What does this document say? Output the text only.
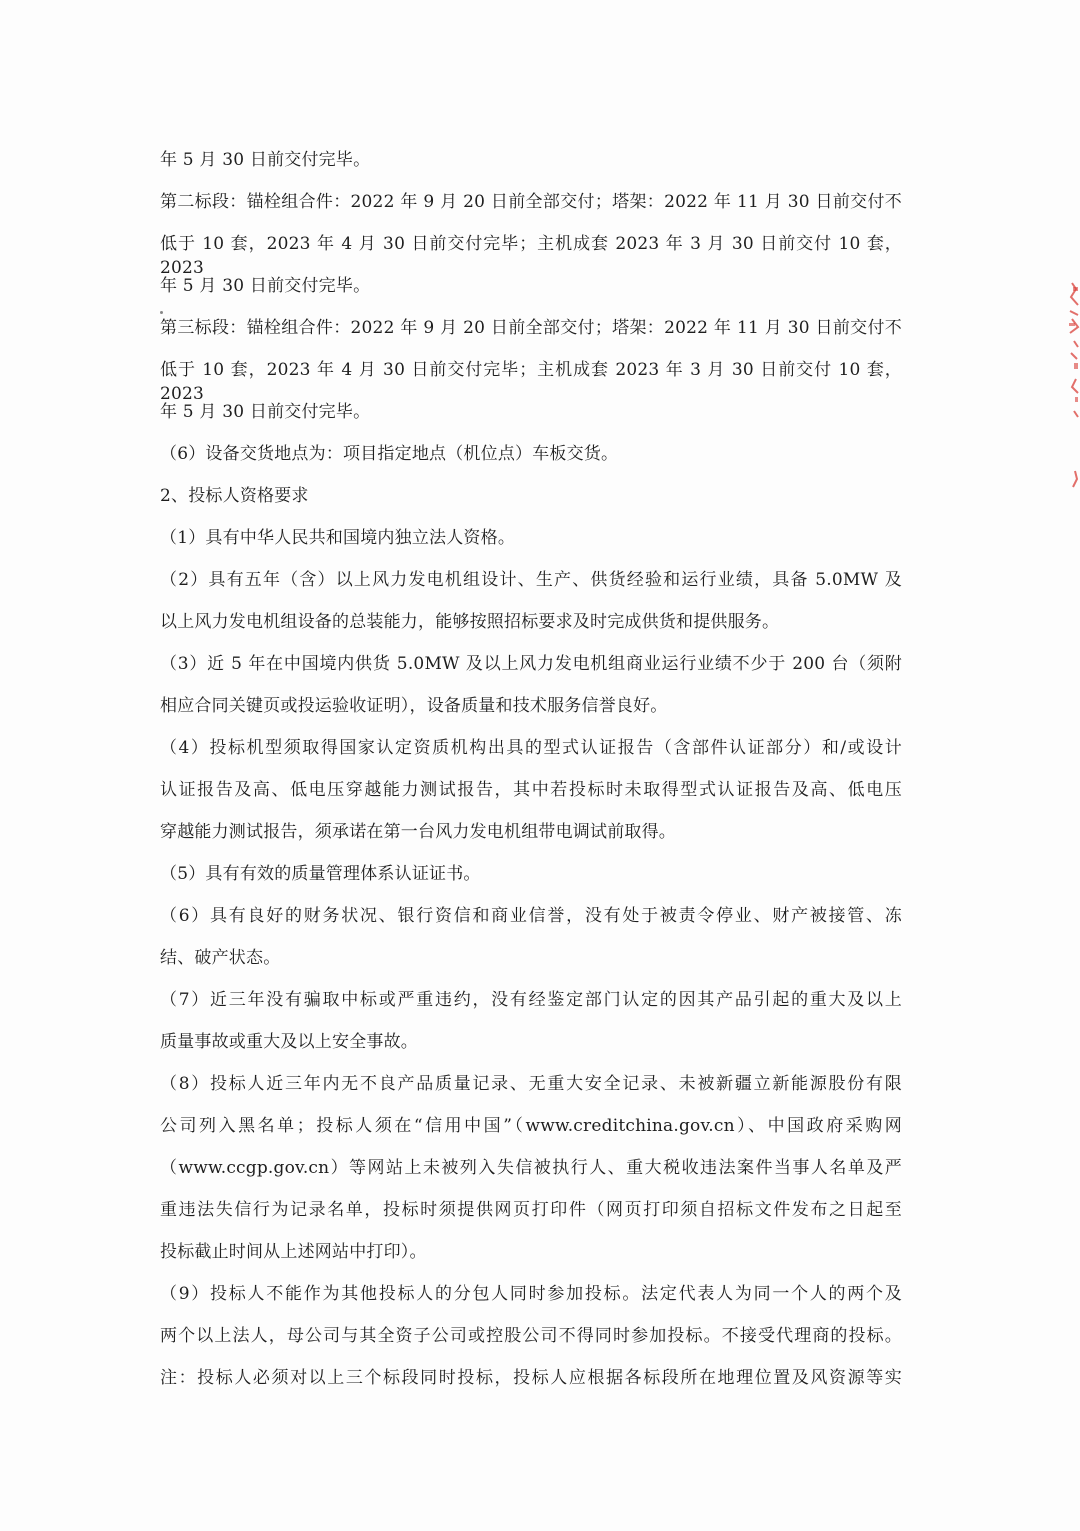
年 5 月 30 日前交付完毕。
第二标段：锚栓组合件：2022 年 9 月 20 日前全部交付；塔架：2022 年 11 月 30 日前交付不
低于 10 套，2023 年 4 月 30 日前交付完毕；主机成套 2023 年 3 月 30 日前交付 10 套，2023
年 5 月 30 日前交付完毕。
第三标段：锚栓组合件：2022 年 9 月 20 日前全部交付；塔架：2022 年 11 月 30 日前交付不
低于 10 套，2023 年 4 月 30 日前交付完毕；主机成套 2023 年 3 月 30 日前交付 10 套，2023
年 5 月 30 日前交付完毕。
（6）设备交货地点为：项目指定地点（机位点）车板交货。
2、投标人资格要求
（1）具有中华人民共和国境内独立法人资格。
（2）具有五年（含）以上风力发电机组设计、生产、供货经验和运行业绩，具备 5.0MW 及
以上风力发电机组设备的总装能力，能够按照招标要求及时完成供货和提供服务。
（3）近 5 年在中国境内供货 5.0MW 及以上风力发电机组商业运行业绩不少于 200 台（须附
相应合同关键页或投运验收证明），设备质量和技术服务信誉良好。
（4）投标机型须取得国家认定资质机构出具的型式认证报告（含部件认证部分）和/或设计
认证报告及高、低电压穿越能力测试报告，其中若投标时未取得型式认证报告及高、低电压
穿越能力测试报告，须承诺在第一台风力发电机组带电调试前取得。
（5）具有有效的质量管理体系认证证书。
（6）具有良好的财务状况、银行资信和商业信誉，没有处于被责令停业、财产被接管、冻
结、破产状态。
（7）近三年没有骗取中标或严重违约，没有经鉴定部门认定的因其产品引起的重大及以上
质量事故或重大及以上安全事故。
（8）投标人近三年内无不良产品质量记录、无重大安全记录、未被新疆立新能源股份有限
公司列入黑名单；投标人须在“信用中国”（www.creditchina.gov.cn）、中国政府采购网
（www.ccgp.gov.cn）等网站上未被列入失信被执行人、重大税收违法案件当事人名单及严
重违法失信行为记录名单，投标时须提供网页打印件（网页打印须自招标文件发布之日起至
投标截止时间从上述网站中打印）。
（9）投标人不能作为其他投标人的分包人同时参加投标。法定代表人为同一个人的两个及
两个以上法人，母公司与其全资子公司或控股公司不得同时参加投标。不接受代理商的投标。
注：投标人必须对以上三个标段同时投标，投标人应根据各标段所在地理位置及风资源等实
